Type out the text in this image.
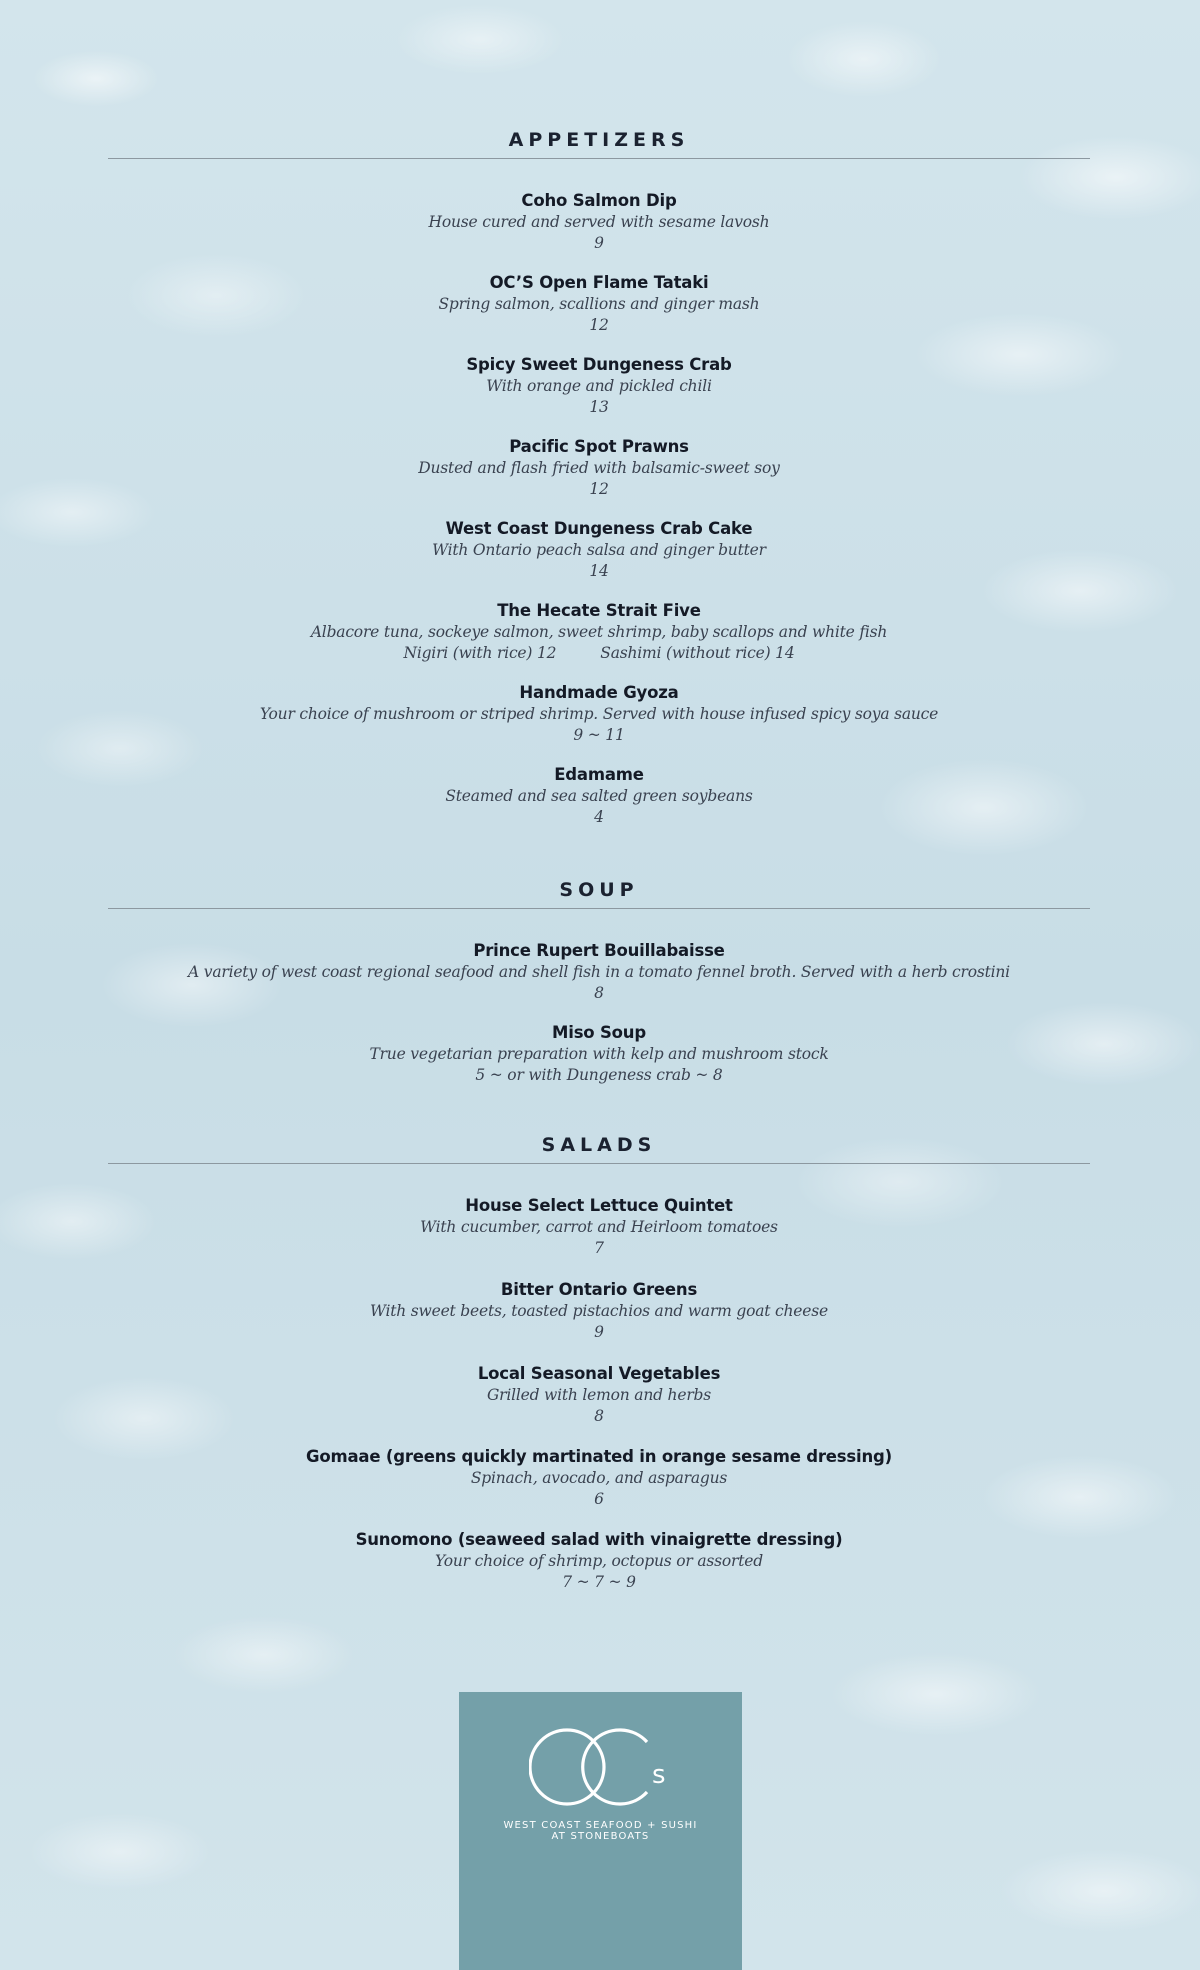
APPETIZERS
Coho Salmon Dip
House cured and served with sesame lavosh
9
OC’S Open Flame Tataki
Spring salmon, scallions and ginger mash
12
Spicy Sweet Dungeness Crab
With orange and pickled chili
13
Pacific Spot Prawns
Dusted and flash fried with balsamic-sweet soy
12
West Coast Dungeness Crab Cake
With Ontario peach salsa and ginger butter
14
The Hecate Strait Five
Albacore tuna, sockeye salmon, sweet shrimp, baby scallops and white fish
Nigiri (with rice) 12	Sashimi (without rice) 14
Handmade Gyoza
Your choice of mushroom or striped shrimp. Served with house infused spicy soya sauce
9 ~ 11
Edamame
Steamed and sea salted green soybeans
4
SOUP
Prince Rupert Bouillabaisse
A variety of west coast regional seafood and shell fish in a tomato fennel broth. Served with a herb crostini
8
Miso Soup
True vegetarian preparation with kelp and mushroom stock
5 ~ or with Dungeness crab ~ 8
SALADS
House Select Lettuce Quintet
With cucumber, carrot and Heirloom tomatoes
7
Bitter Ontario Greens
With sweet beets, toasted pistachios and warm goat cheese
9
Local Seasonal Vegetables
Grilled with lemon and herbs
8
Gomaae (greens quickly martinated in orange sesame dressing)
Spinach, avocado, and asparagus
6
Sunomono (seaweed salad with vinaigrette dressing)
Your choice of shrimp, octopus or assorted
7 ~ 7 ~ 9
s
WEST COAST SEAFOOD + SUSHI
AT STONEBOATS
